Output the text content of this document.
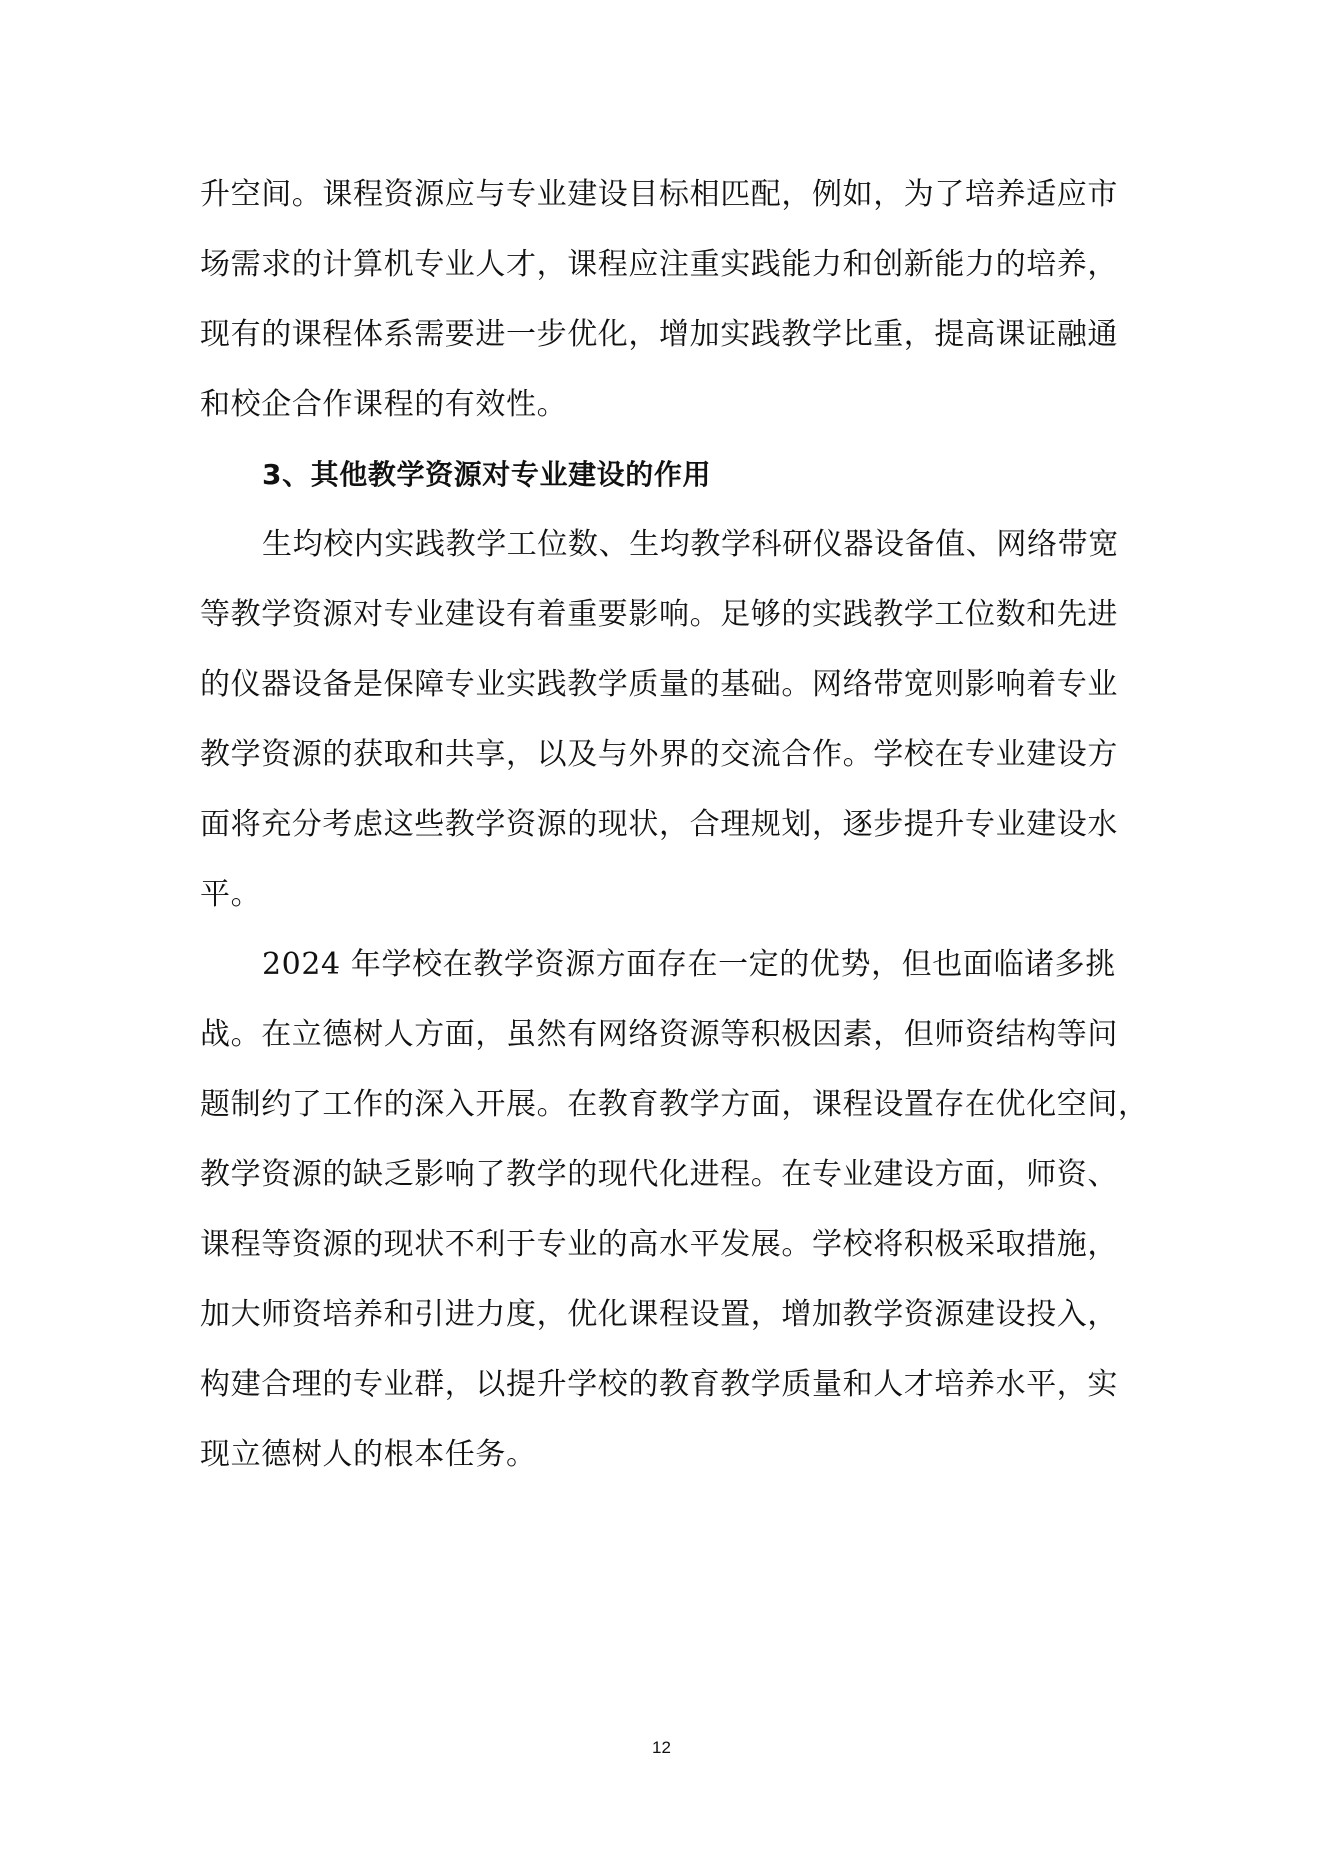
升空间。课程资源应与专业建设目标相匹配，例如，为了培养适应市
场需求的计算机专业人才，课程应注重实践能力和创新能力的培养，
现有的课程体系需要进一步优化，增加实践教学比重，提高课证融通
和校企合作课程的有效性。
3、其他教学资源对专业建设的作用
生均校内实践教学工位数、生均教学科研仪器设备值、网络带宽
等教学资源对专业建设有着重要影响。足够的实践教学工位数和先进
的仪器设备是保障专业实践教学质量的基础。网络带宽则影响着专业
教学资源的获取和共享，以及与外界的交流合作。学校在专业建设方
面将充分考虑这些教学资源的现状，合理规划，逐步提升专业建设水
平。
2024 年学校在教学资源方面存在一定的优势，但也面临诸多挑
战。在立德树人方面，虽然有网络资源等积极因素，但师资结构等问
题制约了工作的深入开展。在教育教学方面，课程设置存在优化空间，
教学资源的缺乏影响了教学的现代化进程。在专业建设方面，师资、
课程等资源的现状不利于专业的高水平发展。学校将积极采取措施，
加大师资培养和引进力度，优化课程设置，增加教学资源建设投入，
构建合理的专业群，以提升学校的教育教学质量和人才培养水平，实
现立德树人的根本任务。
12
